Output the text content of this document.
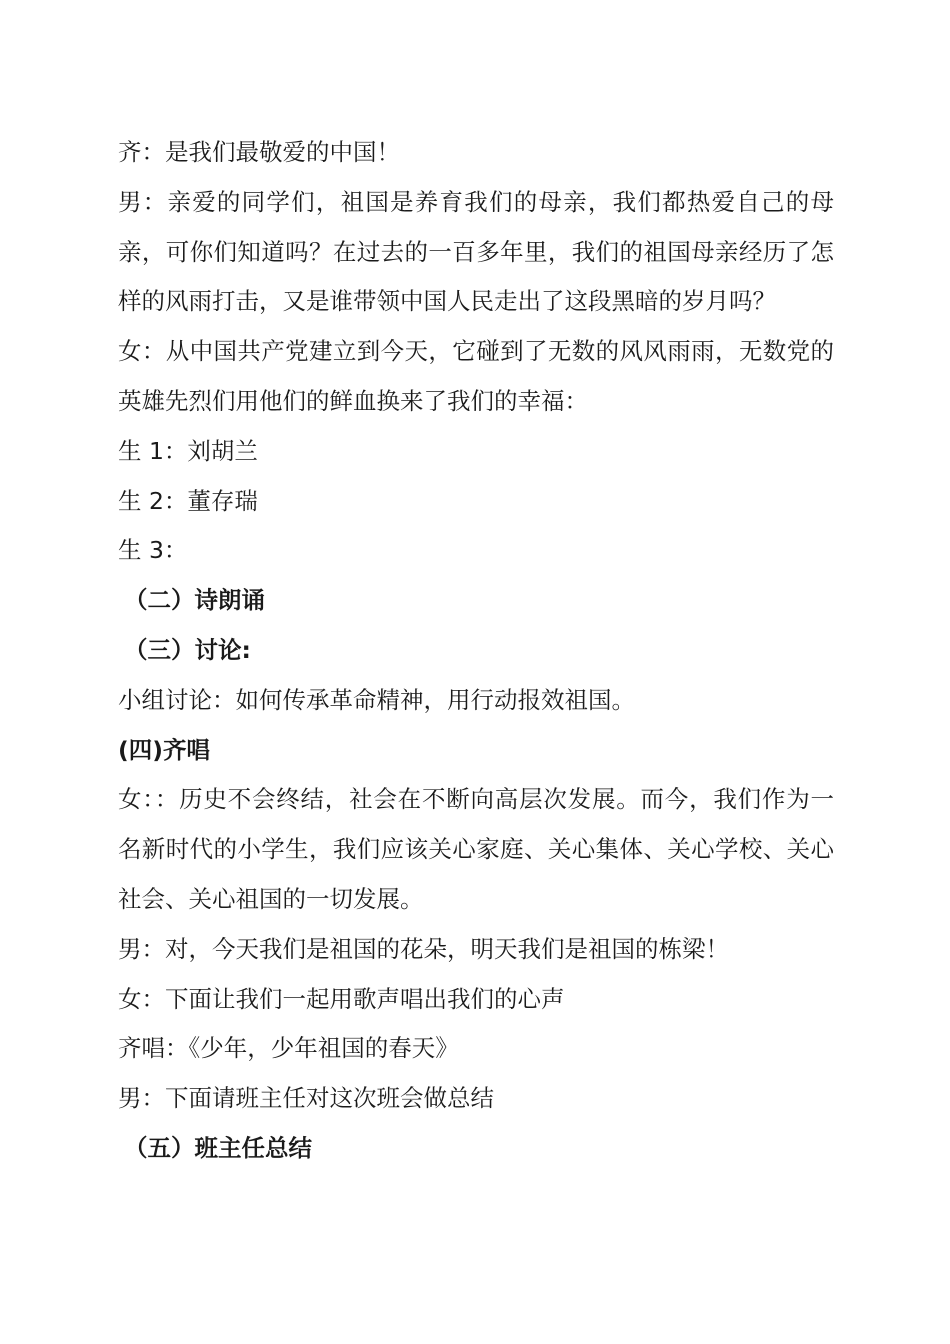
齐：是我们最敬爱的中国！

男：亲爱的同学们，祖国是养育我们的母亲，我们都热爱自己的母亲，可你们知道吗？在过去的一百多年里，我们的祖国母亲经历了怎样的风雨打击，又是谁带领中国人民走出了这段黑暗的岁月吗？

女：从中国共产党建立到今天，它碰到了无数的风风雨雨，无数党的英雄先烈们用他们的鲜血换来了我们的幸福：

生 1：刘胡兰

生 2：董存瑞

生 3：

（二）诗朗诵

（三）讨论:

小组讨论：如何传承革命精神，用行动报效祖国。

(四)齐唱

女：：历史不会终结，社会在不断向高层次发展。而今，我们作为一名新时代的小学生，我们应该关心家庭、关心集体、关心学校、关心社会、关心祖国的一切发展。

男：对，今天我们是祖国的花朵，明天我们是祖国的栋梁！

女：下面让我们一起用歌声唱出我们的心声

齐唱：《少年，少年祖国的春天》

男：下面请班主任对这次班会做总结

（五）班主任总结
